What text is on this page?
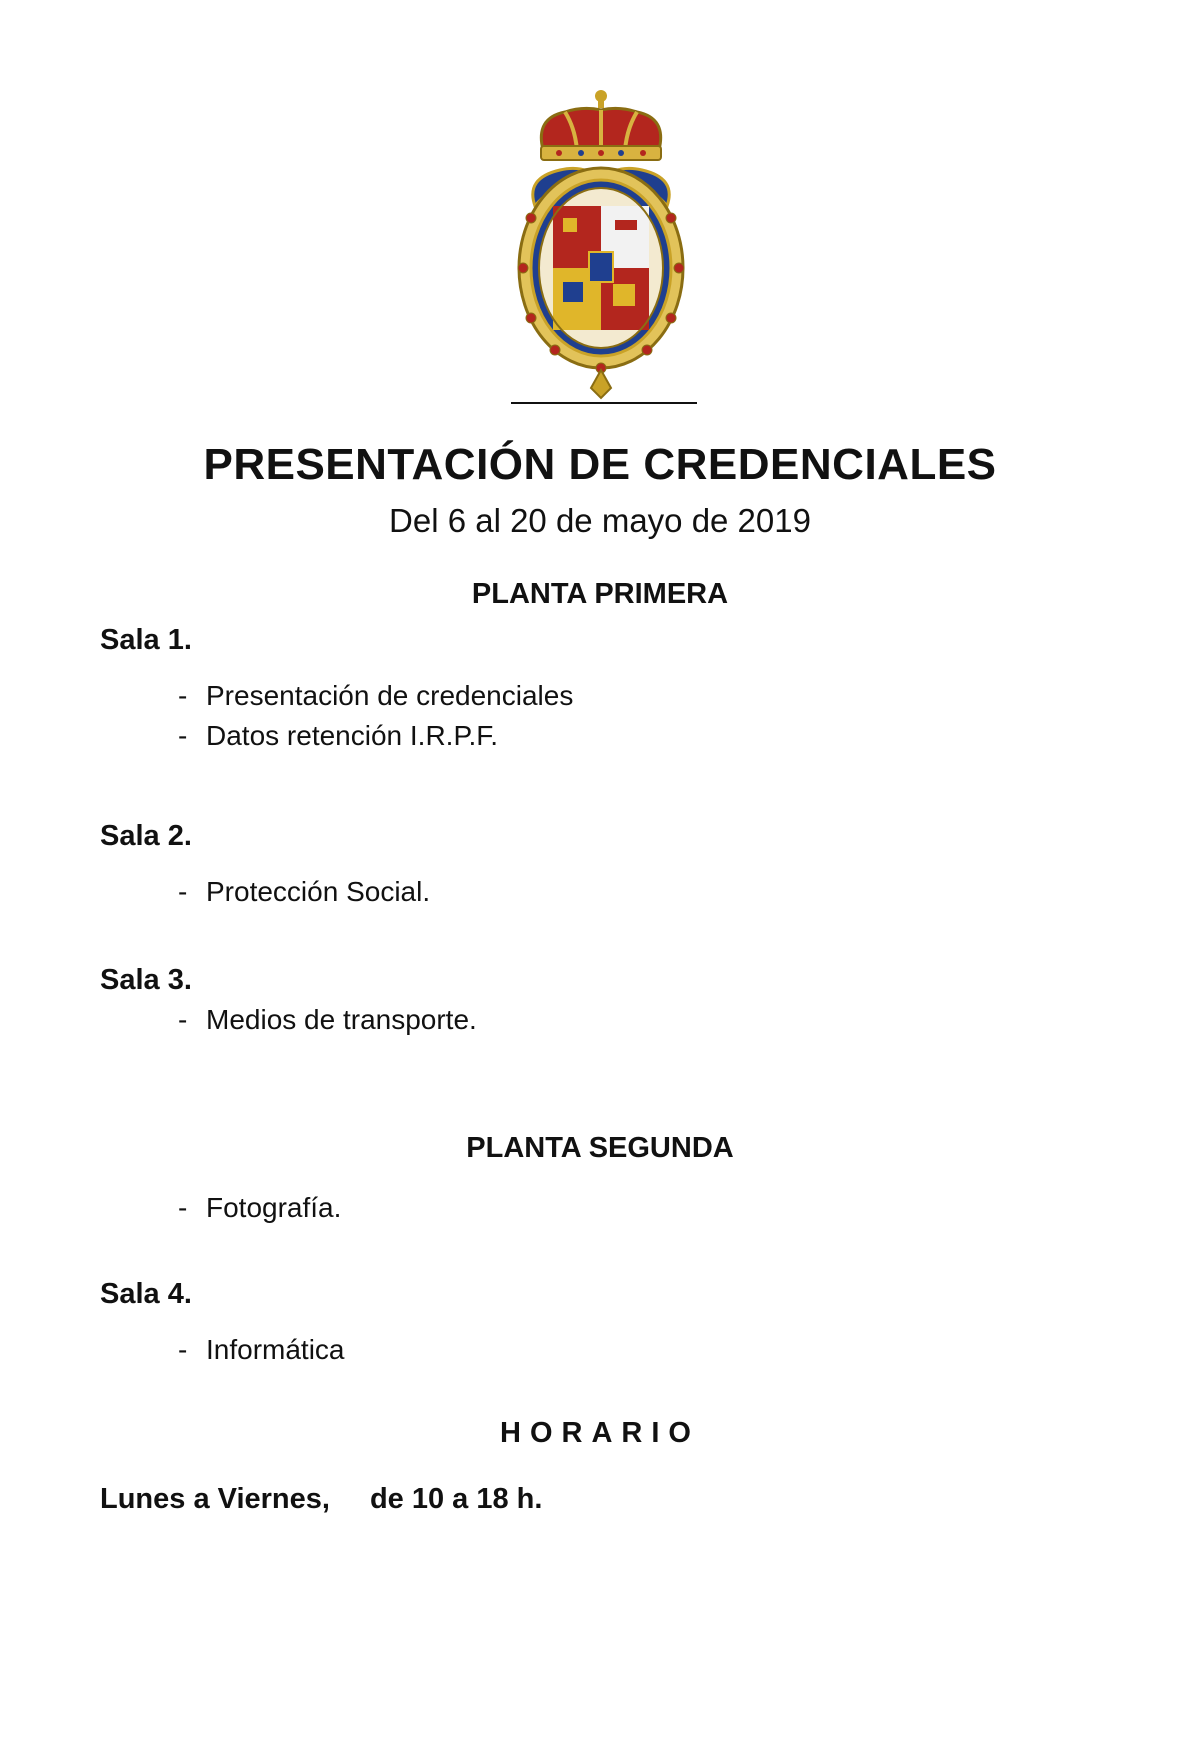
PRESENTACIÓN DE CREDENCIALES
Del 6 al 20 de mayo de 2019
PLANTA PRIMERA
Sala 1.
- Presentación de credenciales
- Datos retención I.R.P.F.
Sala 2.
- Protección Social.
Sala 3.
- Medios de transporte.
PLANTA SEGUNDA
- Fotografía.
Sala 4.
- Informática
HORARIO
Lunes a Viernes, de 10 a 18 h.
